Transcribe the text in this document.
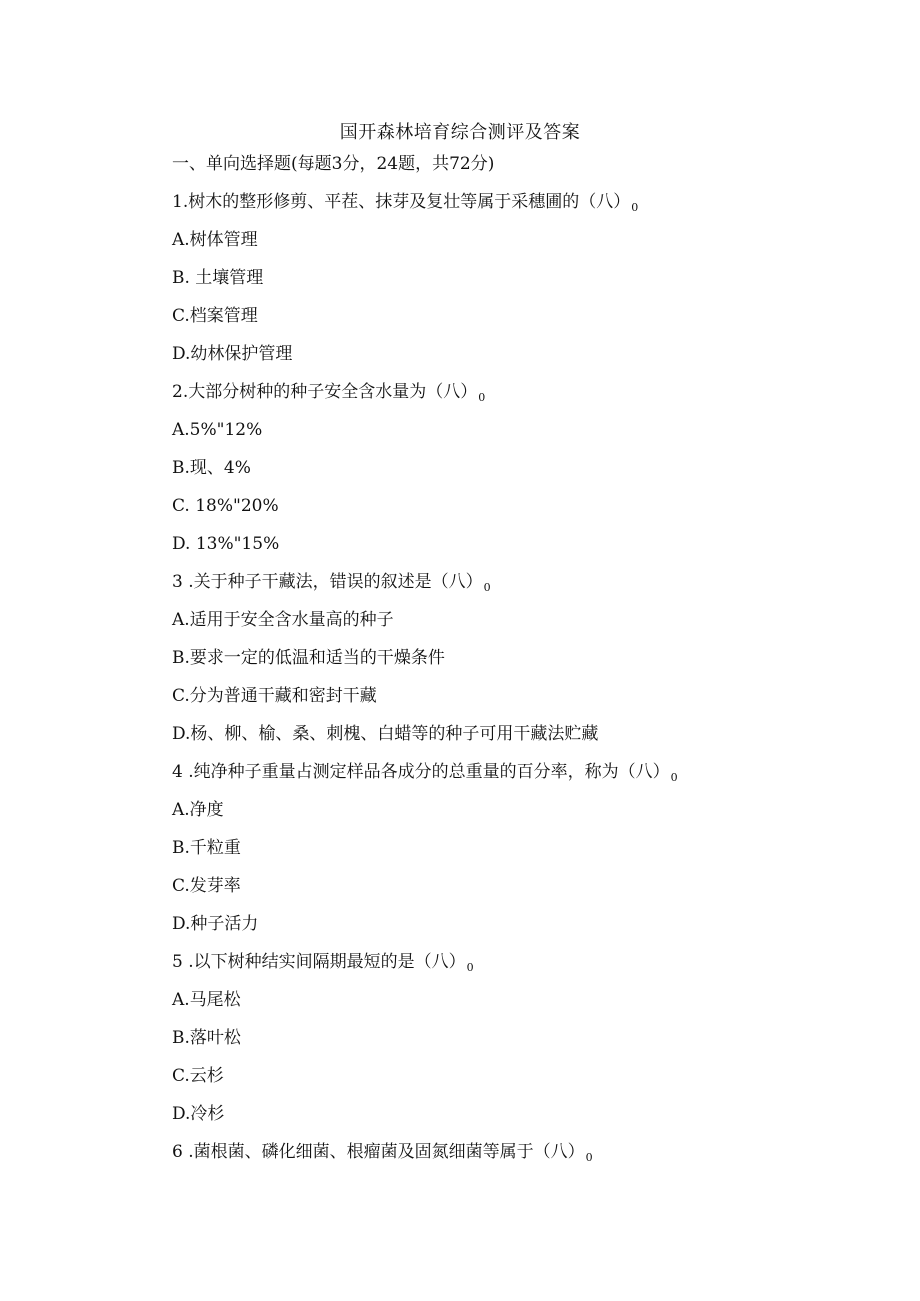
国开森林培育综合测评及答案
一、单向选择题(每题3分，24题，共72分)
1.树木的整形修剪、平茬、抹芽及复壮等属于采穗圃的（八）$_0$
A.树体管理
B. 土壤管理
C.档案管理
D.幼林保护管理
2.大部分树种的种子安全含水量为（八）$_0$
A.5%"12%
B.现、4%
C. 18%"20%
D. 13%"15%
3 .关于种子干藏法，错误的叙述是（八）$_0$
A.适用于安全含水量高的种子
B.要求一定的低温和适当的干燥条件
C.分为普通干藏和密封干藏
D.杨、柳、榆、桑、刺槐、白蜡等的种子可用干藏法贮藏
4 .纯净种子重量占测定样品各成分的总重量的百分率，称为（八）$_0$
A.净度
B.千粒重
C.发芽率
D.种子活力
5 .以下树种结实间隔期最短的是（八）$_0$
A.马尾松
B.落叶松
C.云杉
D.冷杉
6 .菌根菌、磷化细菌、根瘤菌及固氮细菌等属于（八）$_0$
